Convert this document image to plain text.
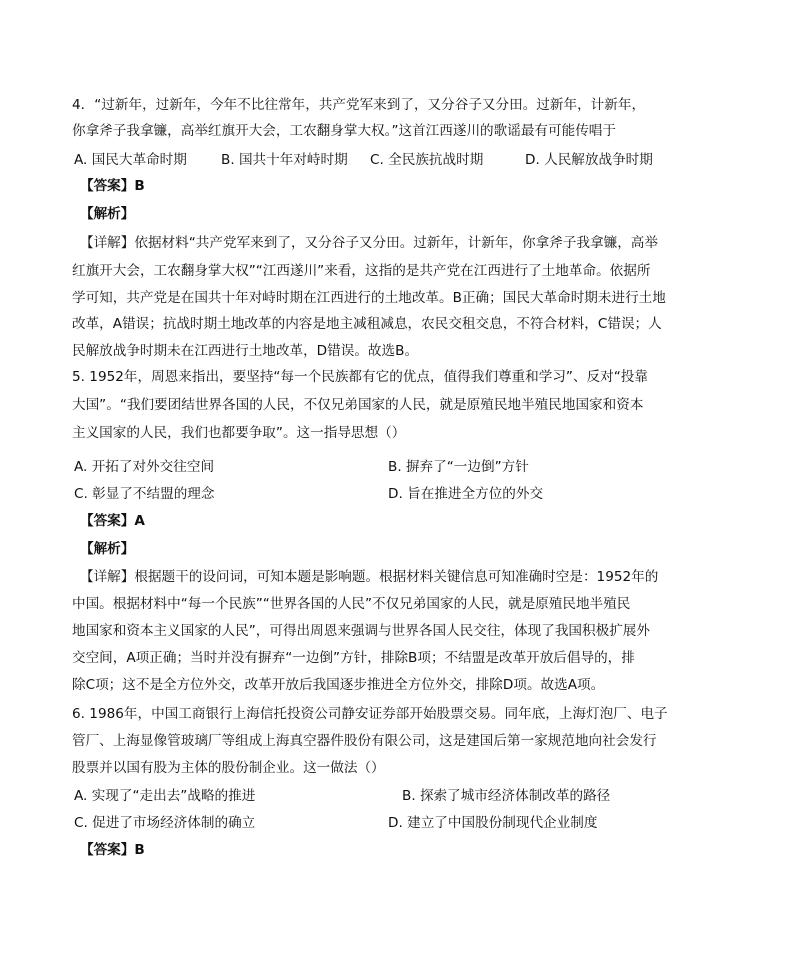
4．“过新年，过新年，今年不比往常年，共产党军来到了，又分谷子又分田。过新年，计新年，
你拿斧子我拿镰，高举红旗开大会，工农翻身掌大权。”这首江西遂川的歌谣最有可能传唱于
A. 国民大革命时期	B. 国共十年对峙时期 C. 全民族抗战时期	D. 人民解放战争时期
【答案】B
【解析】
【详解】依据材料“共产党军来到了，又分谷子又分田。过新年，计新年，你拿斧子我拿镰，高举
红旗开大会，工农翻身掌大权”“江西遂川”来看，这指的是共产党在江西进行了土地革命。依据所
学可知，共产党是在国共十年对峙时期在江西进行的土地改革。B正确；国民大革命时期未进行土地
改革，A错误；抗战时期土地改革的内容是地主减租减息，农民交租交息，不符合材料，C错误；人
民解放战争时期未在江西进行土地改革，D错误。故选B。
5. 1952年，周恩来指出，要坚持“每一个民族都有它的优点，值得我们尊重和学习”、反对“投靠
大国”。“我们要团结世界各国的人民，不仅兄弟国家的人民，就是原殖民地半殖民地国家和资本
主义国家的人民，我们也都要争取”。这一指导思想（）
A. 开拓了对外交往空间	B. 摒弃了“一边倒”方针
C. 彰显了不结盟的理念	D. 旨在推进全方位的外交
【答案】A
【解析】
【详解】根据题干的设问词，可知本题是影响题。根据材料关键信息可知准确时空是：1952年的
中国。根据材料中“每一个民族”“世界各国的人民”不仅兄弟国家的人民，就是原殖民地半殖民
地国家和资本主义国家的人民”，可得出周恩来强调与世界各国人民交往，体现了我国积极扩展外
交空间，A项正确；当时并没有摒弃“一边倒”方针，排除B项；不结盟是改革开放后倡导的，排
除C项；这不是全方位外交，改革开放后我国逐步推进全方位外交，排除D项。故选A项。
6. 1986年，中国工商银行上海信托投资公司静安证券部开始股票交易。同年底，上海灯泡厂、电子
管厂、上海显像管玻璃厂等组成上海真空器件股份有限公司，这是建国后第一家规范地向社会发行
股票并以国有股为主体的股份制企业。这一做法（）
A. 实现了“走出去”战略的推进	B. 探索了城市经济体制改革的路径
C. 促进了市场经济体制的确立	D. 建立了中国股份制现代企业制度
【答案】B
